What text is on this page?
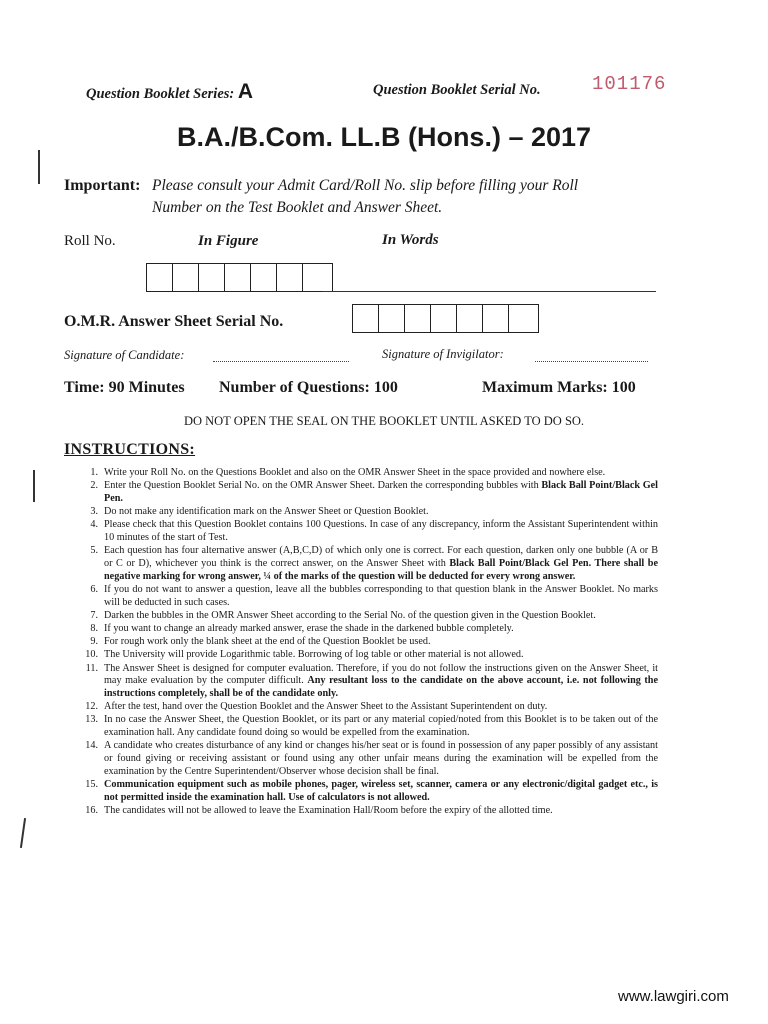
Question Booklet Series: A	Question Booklet Serial No.	101176
B.A./B.Com. LL.B (Hons.) – 2017
Important: Please consult your Admit Card/Roll No. slip before filling your Roll
Number on the Test Booklet and Answer Sheet.
Roll No.	In Figure	In Words
O.M.R. Answer Sheet Serial No.
Signature of Candidate:	Signature of Invigilator:
Time: 90 Minutes Number of Questions: 100	Maximum Marks: 100
DO NOT OPEN THE SEAL ON THE BOOKLET UNTIL ASKED TO DO SO.
INSTRUCTIONS:
1. Write your Roll No. on the Questions Booklet and also on the OMR Answer Sheet in the space provided and nowhere else.
2. Enter the Question Booklet Serial No. on the OMR Answer Sheet. Darken the corresponding bubbles with Black Ball Point/Black Gel Pen.
3. Do not make any identification mark on the Answer Sheet or Question Booklet.
4. Please check that this Question Booklet contains 100 Questions. In case of any discrepancy, inform the Assistant Superintendent within 10 minutes of the start of Test.
5. Each question has four alternative answer (A,B,C,D) of which only one is correct. For each question, darken only one bubble (A or B or C or D), whichever you think is the correct answer, on the Answer Sheet with Black Ball Point/Black Gel Pen. There shall be negative marking for wrong answer, ¼ of the marks of the question will be deducted for every wrong answer.
6. If you do not want to answer a question, leave all the bubbles corresponding to that question blank in the Answer Booklet. No marks will be deducted in such cases.
7. Darken the bubbles in the OMR Answer Sheet according to the Serial No. of the question given in the Question Booklet.
8. If you want to change an already marked answer, erase the shade in the darkened bubble completely.
9. For rough work only the blank sheet at the end of the Question Booklet be used.
10. The University will provide Logarithmic table. Borrowing of log table or other material is not allowed.
11. The Answer Sheet is designed for computer evaluation. Therefore, if you do not follow the instructions given on the Answer Sheet, it may make evaluation by the computer difficult. Any resultant loss to the candidate on the above account, i.e. not following the instructions completely, shall be of the candidate only.
12. After the test, hand over the Question Booklet and the Answer Sheet to the Assistant Superintendent on duty.
13. In no case the Answer Sheet, the Question Booklet, or its part or any material copied/noted from this Booklet is to be taken out of the examination hall. Any candidate found doing so would be expelled from the examination.
14. A candidate who creates disturbance of any kind or changes his/her seat or is found in possession of any paper possibly of any assistant or found giving or receiving assistant or found using any other unfair means during the examination will be expelled from the examination by the Centre Superintendent/Observer whose decision shall be final.
15. Communication equipment such as mobile phones, pager, wireless set, scanner, camera or any electronic/digital gadget etc., is not permitted inside the examination hall. Use of calculators is not allowed.
16. The candidates will not be allowed to leave the Examination Hall/Room before the expiry of the allotted time.
www.lawgiri.com
